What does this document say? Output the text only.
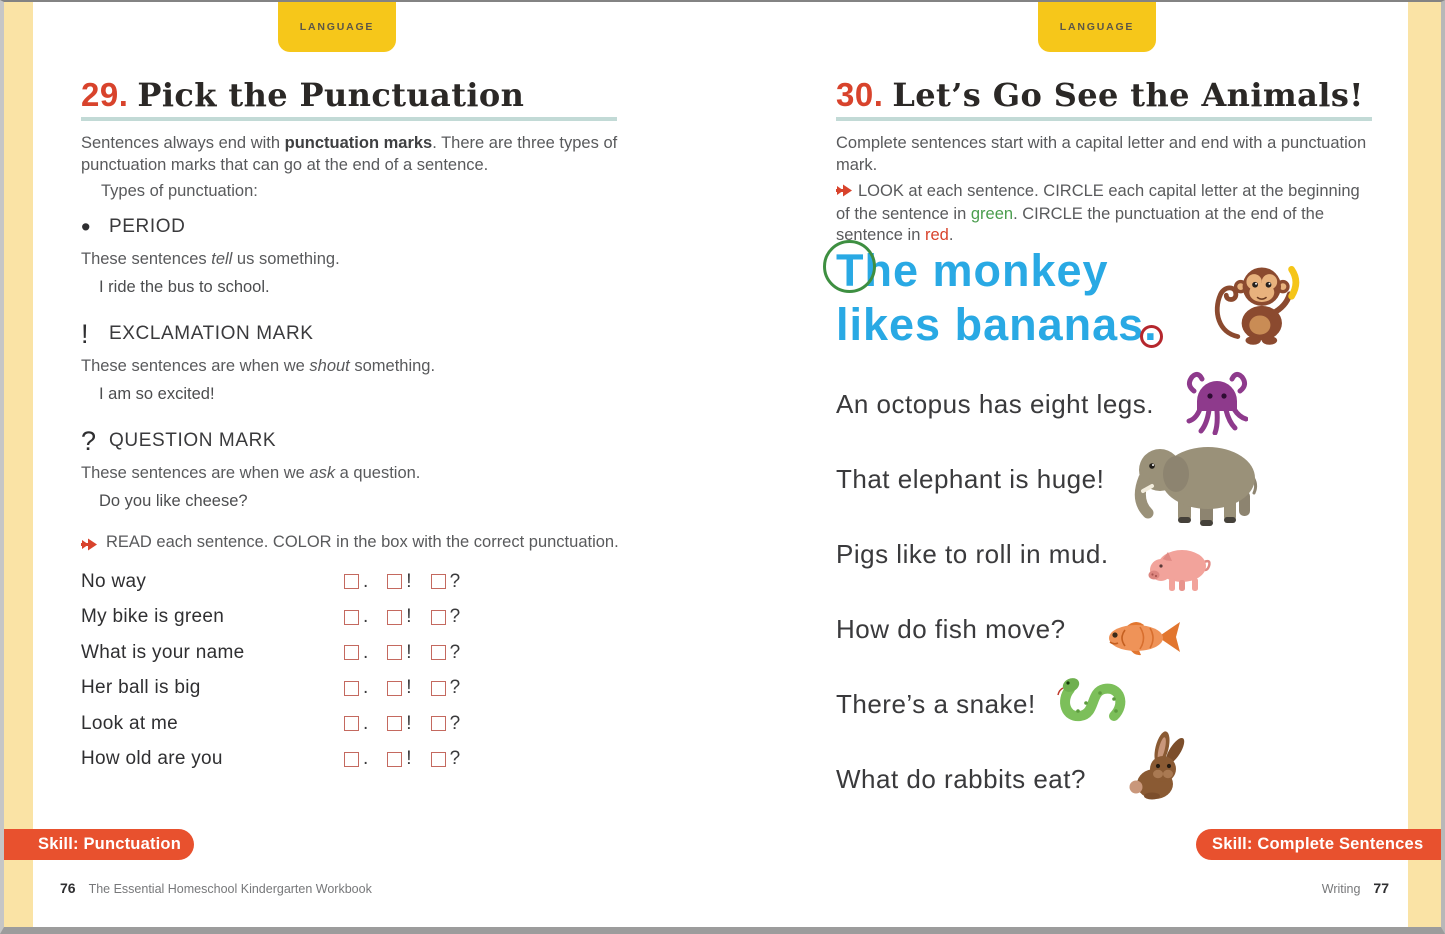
LANGUAGE	LANGUAGE
29. Pick the Punctuation

Sentences always end with punctuation marks. There are three types of punctuation marks that can go at the end of a sentence.

Types of punctuation:
• PERIOD
These sentences tell us something.
I ride the bus to school.
!	EXCLAMATION MARK
These sentences are when we shout something.
I am so excited!
? QUESTION MARK
These sentences are when we ask a question.
Do you like cheese?
READ each sentence. COLOR in the box with the correct punctuation.
No way	. ! ?
My bike is green	. ! ?
What is your name	. ! ?
Her ball is big	. ! ?
Look at me	. ! ?
How old are you	. ! ?
30. Let’s Go See the Animals!

Complete sentences start with a capital letter and end with a punctuation mark.

LOOK at each sentence. CIRCLE each capital letter at the beginning of the sentence in green. CIRCLE the punctuation at the end of the sentence in red.
The monkey
likes bananas.
An octopus has eight legs.
That elephant is huge!
Pigs like to roll in mud.
How do fish move?
There’s a snake!
What do rabbits eat?
Skill: Punctuation	Skill: Complete Sentences
76 The Essential Homeschool Kindergarten Workbook	Writing 77
